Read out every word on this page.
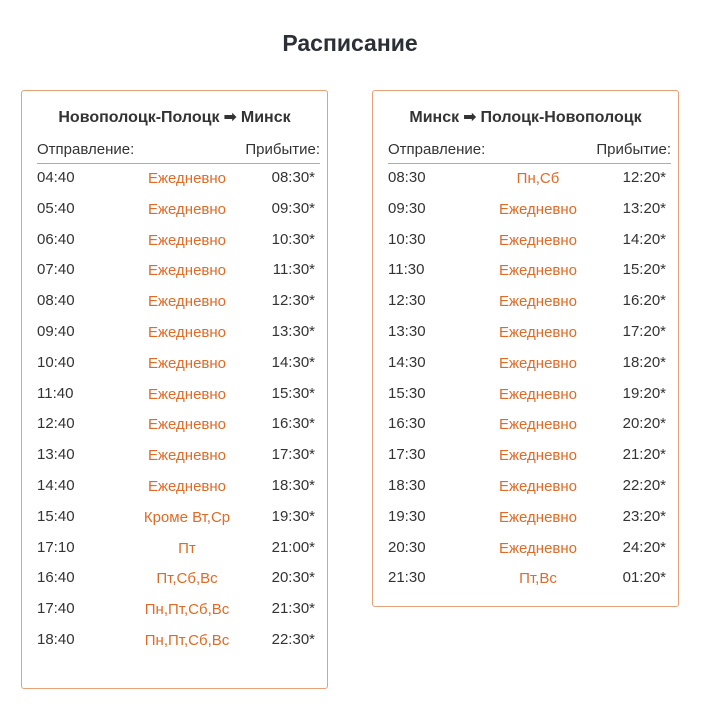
Расписание
Новополоцк-Полоцк ➡ Минск
Отправление:	Прибытие:
04:40	Ежедневно	08:30*
05:40	Ежедневно	09:30*
06:40	Ежедневно	10:30*
07:40	Ежедневно	11:30*
08:40	Ежедневно	12:30*
09:40	Ежедневно	13:30*
10:40	Ежедневно	14:30*
11:40	Ежедневно	15:30*
12:40	Ежедневно	16:30*
13:40	Ежедневно	17:30*
14:40	Ежедневно	18:30*
15:40	Кроме Вт,Ср	19:30*
17:10	Пт	21:00*
16:40	Пт,Сб,Вс	20:30*
17:40	Пн,Пт,Сб,Вс	21:30*
18:40	Пн,Пт,Сб,Вс	22:30*
Минск ➡ Полоцк-Новополоцк
Отправление:	Прибытие:
08:30	Пн,Сб	12:20*
09:30	Ежедневно	13:20*
10:30	Ежедневно	14:20*
11:30	Ежедневно	15:20*
12:30	Ежедневно	16:20*
13:30	Ежедневно	17:20*
14:30	Ежедневно	18:20*
15:30	Ежедневно	19:20*
16:30	Ежедневно	20:20*
17:30	Ежедневно	21:20*
18:30	Ежедневно	22:20*
19:30	Ежедневно	23:20*
20:30	Ежедневно	24:20*
21:30	Пт,Вс	01:20*
